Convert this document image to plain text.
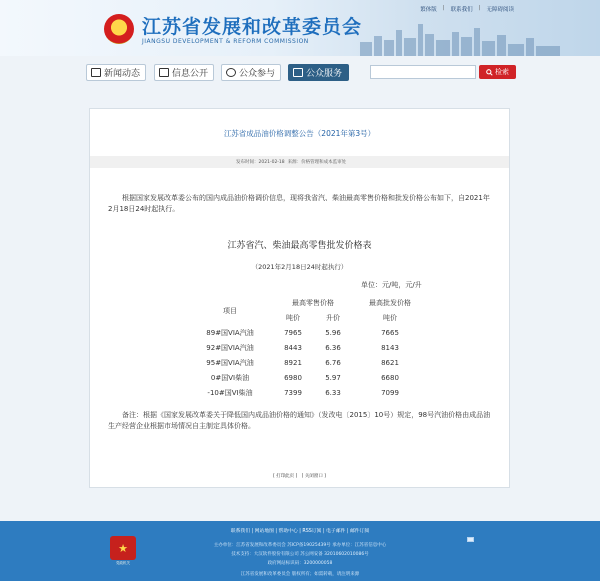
江苏省发展和改革委员会
JIANGSU DEVELOPMENT & REFORM COMMISSION
繁体版 | 联系我们 | 无障碍阅读
新闻动态	信息公开	公众参与	公众服务	检索
江苏省成品油价格调整公告（2021年第3号）
发布时间：2021-02-18 来源：价格管理和成本监审处
根据国家发展改革委公布的国内成品油价格调价信息，现将我省汽、柴油最高零售价格和批发价格公布如下，自2021年2月18日24时起执行。
江苏省汽、柴油最高零售批发价格表
（2021年2月18日24时起执行）
单位：元/吨，元/升
最高零售价格	最高批发价格
项目
吨价	升价	吨价
89#国VIA汽油	7965	5.96	7665
92#国VIA汽油	8443	6.36	8143
95#国VIA汽油	8921	6.76	8621
0#国VI柴油	6980	5.97	6680
-10#国VI柴油	7399	6.33	7099
备注：根据《国家发展改革委关于降低国内成品油价格的通知》（发改电〔2015〕10号）规定，98号汽油价格由成品油生产经营企业根据市场情况自主制定具体价格。
[ 打印此页 ] [ 关闭窗口 ]
联系我们 | 网站地图 | 帮助中心 | RSS订阅 | 电子邮件 | 邮件订阅
主办单位：江苏省发展和改革委员会 苏ICP备19025439号 承办单位：江苏省信息中心
技术支持：大汉软件股份有限公司 苏公网安备 32010602010086号
政府网站标识码：3200000058
江苏省发展和改革委员会 版权所有；如需转载，请注明来源
★
党政机关
